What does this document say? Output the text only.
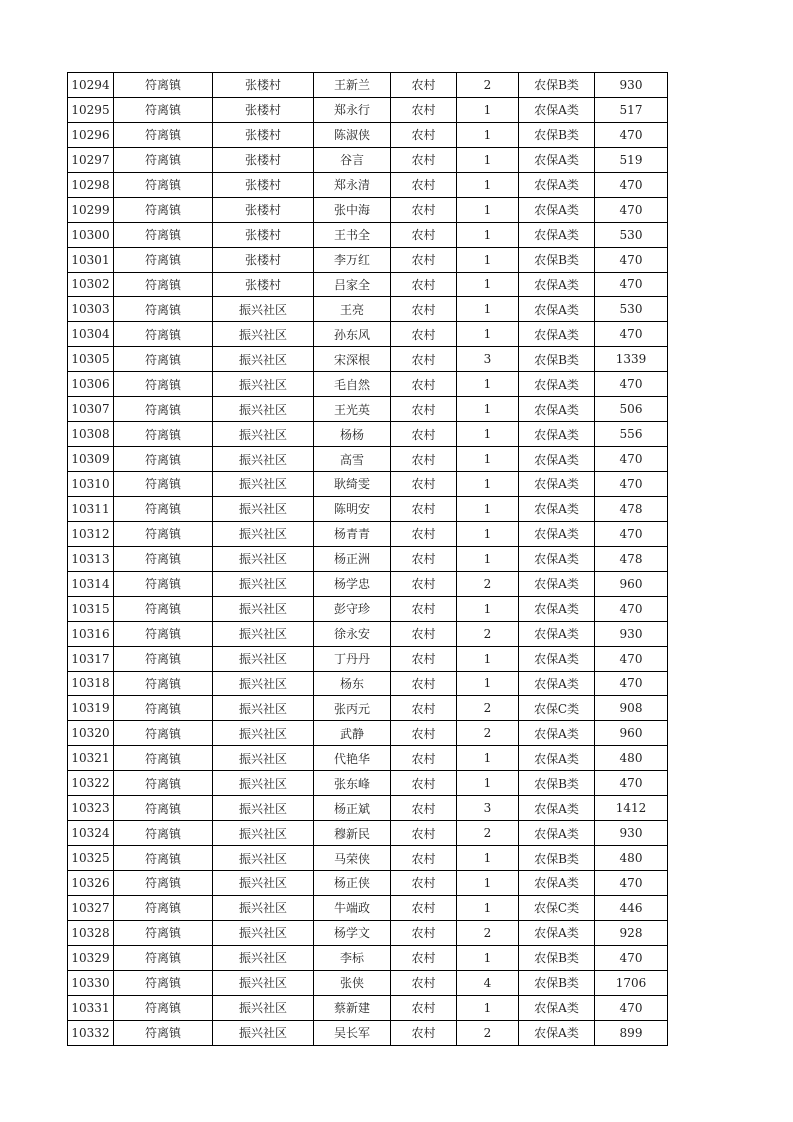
10294	符离镇	张楼村	王新兰	农村	2	农保B类	930
10295	符离镇	张楼村	郑永行	农村	1	农保A类	517
10296	符离镇	张楼村	陈淑侠	农村	1	农保B类	470
10297	符离镇	张楼村	谷言	农村	1	农保A类	519
10298	符离镇	张楼村	郑永清	农村	1	农保A类	470
10299	符离镇	张楼村	张中海	农村	1	农保A类	470
10300	符离镇	张楼村	王书全	农村	1	农保A类	530
10301	符离镇	张楼村	李万红	农村	1	农保B类	470
10302	符离镇	张楼村	吕家全	农村	1	农保A类	470
10303	符离镇	振兴社区	王亮	农村	1	农保A类	530
10304	符离镇	振兴社区	孙东风	农村	1	农保A类	470
10305	符离镇	振兴社区	宋深根	农村	3	农保B类	1339
10306	符离镇	振兴社区	毛自然	农村	1	农保A类	470
10307	符离镇	振兴社区	王光英	农村	1	农保A类	506
10308	符离镇	振兴社区	杨杨	农村	1	农保A类	556
10309	符离镇	振兴社区	高雪	农村	1	农保A类	470
10310	符离镇	振兴社区	耿绮雯	农村	1	农保A类	470
10311	符离镇	振兴社区	陈明安	农村	1	农保A类	478
10312	符离镇	振兴社区	杨青青	农村	1	农保A类	470
10313	符离镇	振兴社区	杨正洲	农村	1	农保A类	478
10314	符离镇	振兴社区	杨学忠	农村	2	农保A类	960
10315	符离镇	振兴社区	彭守珍	农村	1	农保A类	470
10316	符离镇	振兴社区	徐永安	农村	2	农保A类	930
10317	符离镇	振兴社区	丁丹丹	农村	1	农保A类	470
10318	符离镇	振兴社区	杨东	农村	1	农保A类	470
10319	符离镇	振兴社区	张丙元	农村	2	农保C类	908
10320	符离镇	振兴社区	武静	农村	2	农保A类	960
10321	符离镇	振兴社区	代艳华	农村	1	农保A类	480
10322	符离镇	振兴社区	张东峰	农村	1	农保B类	470
10323	符离镇	振兴社区	杨正斌	农村	3	农保A类	1412
10324	符离镇	振兴社区	穆新民	农村	2	农保A类	930
10325	符离镇	振兴社区	马荣侠	农村	1	农保B类	480
10326	符离镇	振兴社区	杨正侠	农村	1	农保A类	470
10327	符离镇	振兴社区	牛端政	农村	1	农保C类	446
10328	符离镇	振兴社区	杨学文	农村	2	农保A类	928
10329	符离镇	振兴社区	李标	农村	1	农保B类	470
10330	符离镇	振兴社区	张侠	农村	4	农保B类	1706
10331	符离镇	振兴社区	蔡新建	农村	1	农保A类	470
10332	符离镇	振兴社区	吴长军	农村	2	农保A类	899
